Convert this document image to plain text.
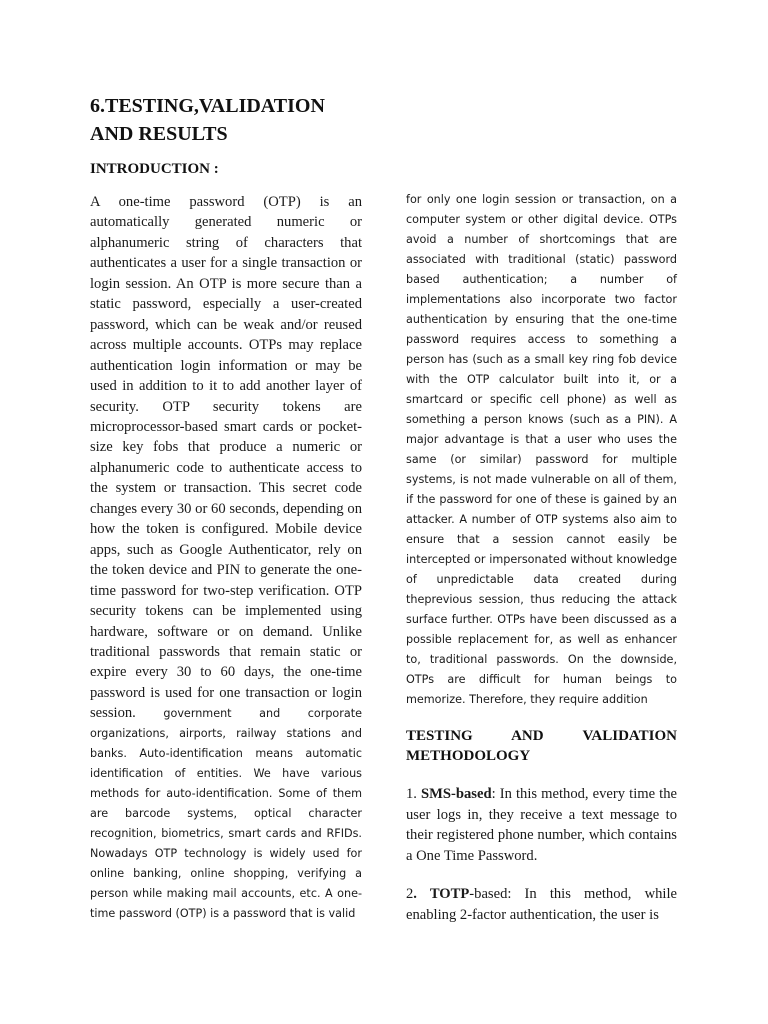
6.TESTING,VALIDATION AND RESULTS
INTRODUCTION :

A one-time password (OTP) is an automatically generated numeric or alphanumeric string of characters that authenticates a user for a single transaction or login session. An OTP is more secure than a static password, especially a user-created password, which can be weak and/or reused across multiple accounts. OTPs may replace authentication login information or may be used in addition to it to add another layer of security. OTP security tokens are microprocessor-based smart cards or pocket-size key fobs that produce a numeric or alphanumeric code to authenticate access to the system or transaction. This secret code changes every 30 or 60 seconds, depending on how the token is configured. Mobile device apps, such as Google Authenticator, rely on the token device and PIN to generate the one-time password for two-step verification. OTP security tokens can be implemented using hardware, software or on demand. Unlike traditional passwords that remain static or expire every 30 to 60 days, the one-time password is used for one transaction or login session. government and corporate organizations, airports, railway stations and banks. Auto-identification means automatic identification of entities. We have various methods for auto-identification. Some of them are barcode systems, optical character recognition, biometrics, smart cards and RFIDs. Nowadays OTP technology is widely used for online banking, online shopping, verifying a person while making mail accounts, etc. A one-time password (OTP) is a password that is valid

for only one login session or transaction, on a computer system or other digital device. OTPs avoid a number of shortcomings that are associated with traditional (static) password based authentication; a number of implementations also incorporate two factor authentication by ensuring that the one-time password requires access to something a person has (such as a small key ring fob device with the OTP calculator built into it, or a smartcard or specific cell phone) as well as something a person knows (such as a PIN). A major advantage is that a user who uses the same (or similar) password for multiple systems, is not made vulnerable on all of them, if the password for one of these is gained by an attacker. A number of OTP systems also aim to ensure that a session cannot easily be intercepted or impersonated without knowledge of unpredictable data created during theprevious session, thus reducing the attack surface further. OTPs have been discussed as a possible replacement for, as well as enhancer to, traditional passwords. On the downside, OTPs are difficult for human beings to memorize. Therefore, they require addition

TESTING AND VALIDATION METHODOLOGY

1. SMS-based: In this method, every time the user logs in, they receive a text message to their registered phone number, which contains a One Time Password.

2. TOTP-based: In this method, while enabling 2-factor authentication, the user is
